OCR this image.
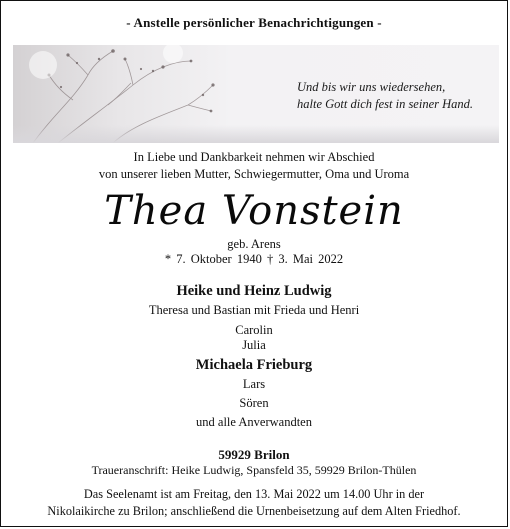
- Anstelle persönlicher Benachrichtigungen -
Und bis wir uns wiedersehen,
halte Gott dich fest in seiner Hand.
In Liebe und Dankbarkeit nehmen wir Abschied
von unserer lieben Mutter, Schwiegermutter, Oma und Uroma
Thea Vonstein
geb. Arens
* 7. Oktober 1940 † 3. Mai 2022
Heike und Heinz Ludwig
Theresa und Bastian mit Frieda und Henri
Carolin
Julia
Michaela Frieburg
Lars
Sören
und alle Anverwandten
59929 Brilon
Traueranschrift: Heike Ludwig, Spansfeld 35, 59929 Brilon-Thülen
Das Seelenamt ist am Freitag, den 13. Mai 2022 um 14.00 Uhr in der
Nikolaikirche zu Brilon; anschließend die Urnenbeisetzung auf dem Alten Friedhof.
